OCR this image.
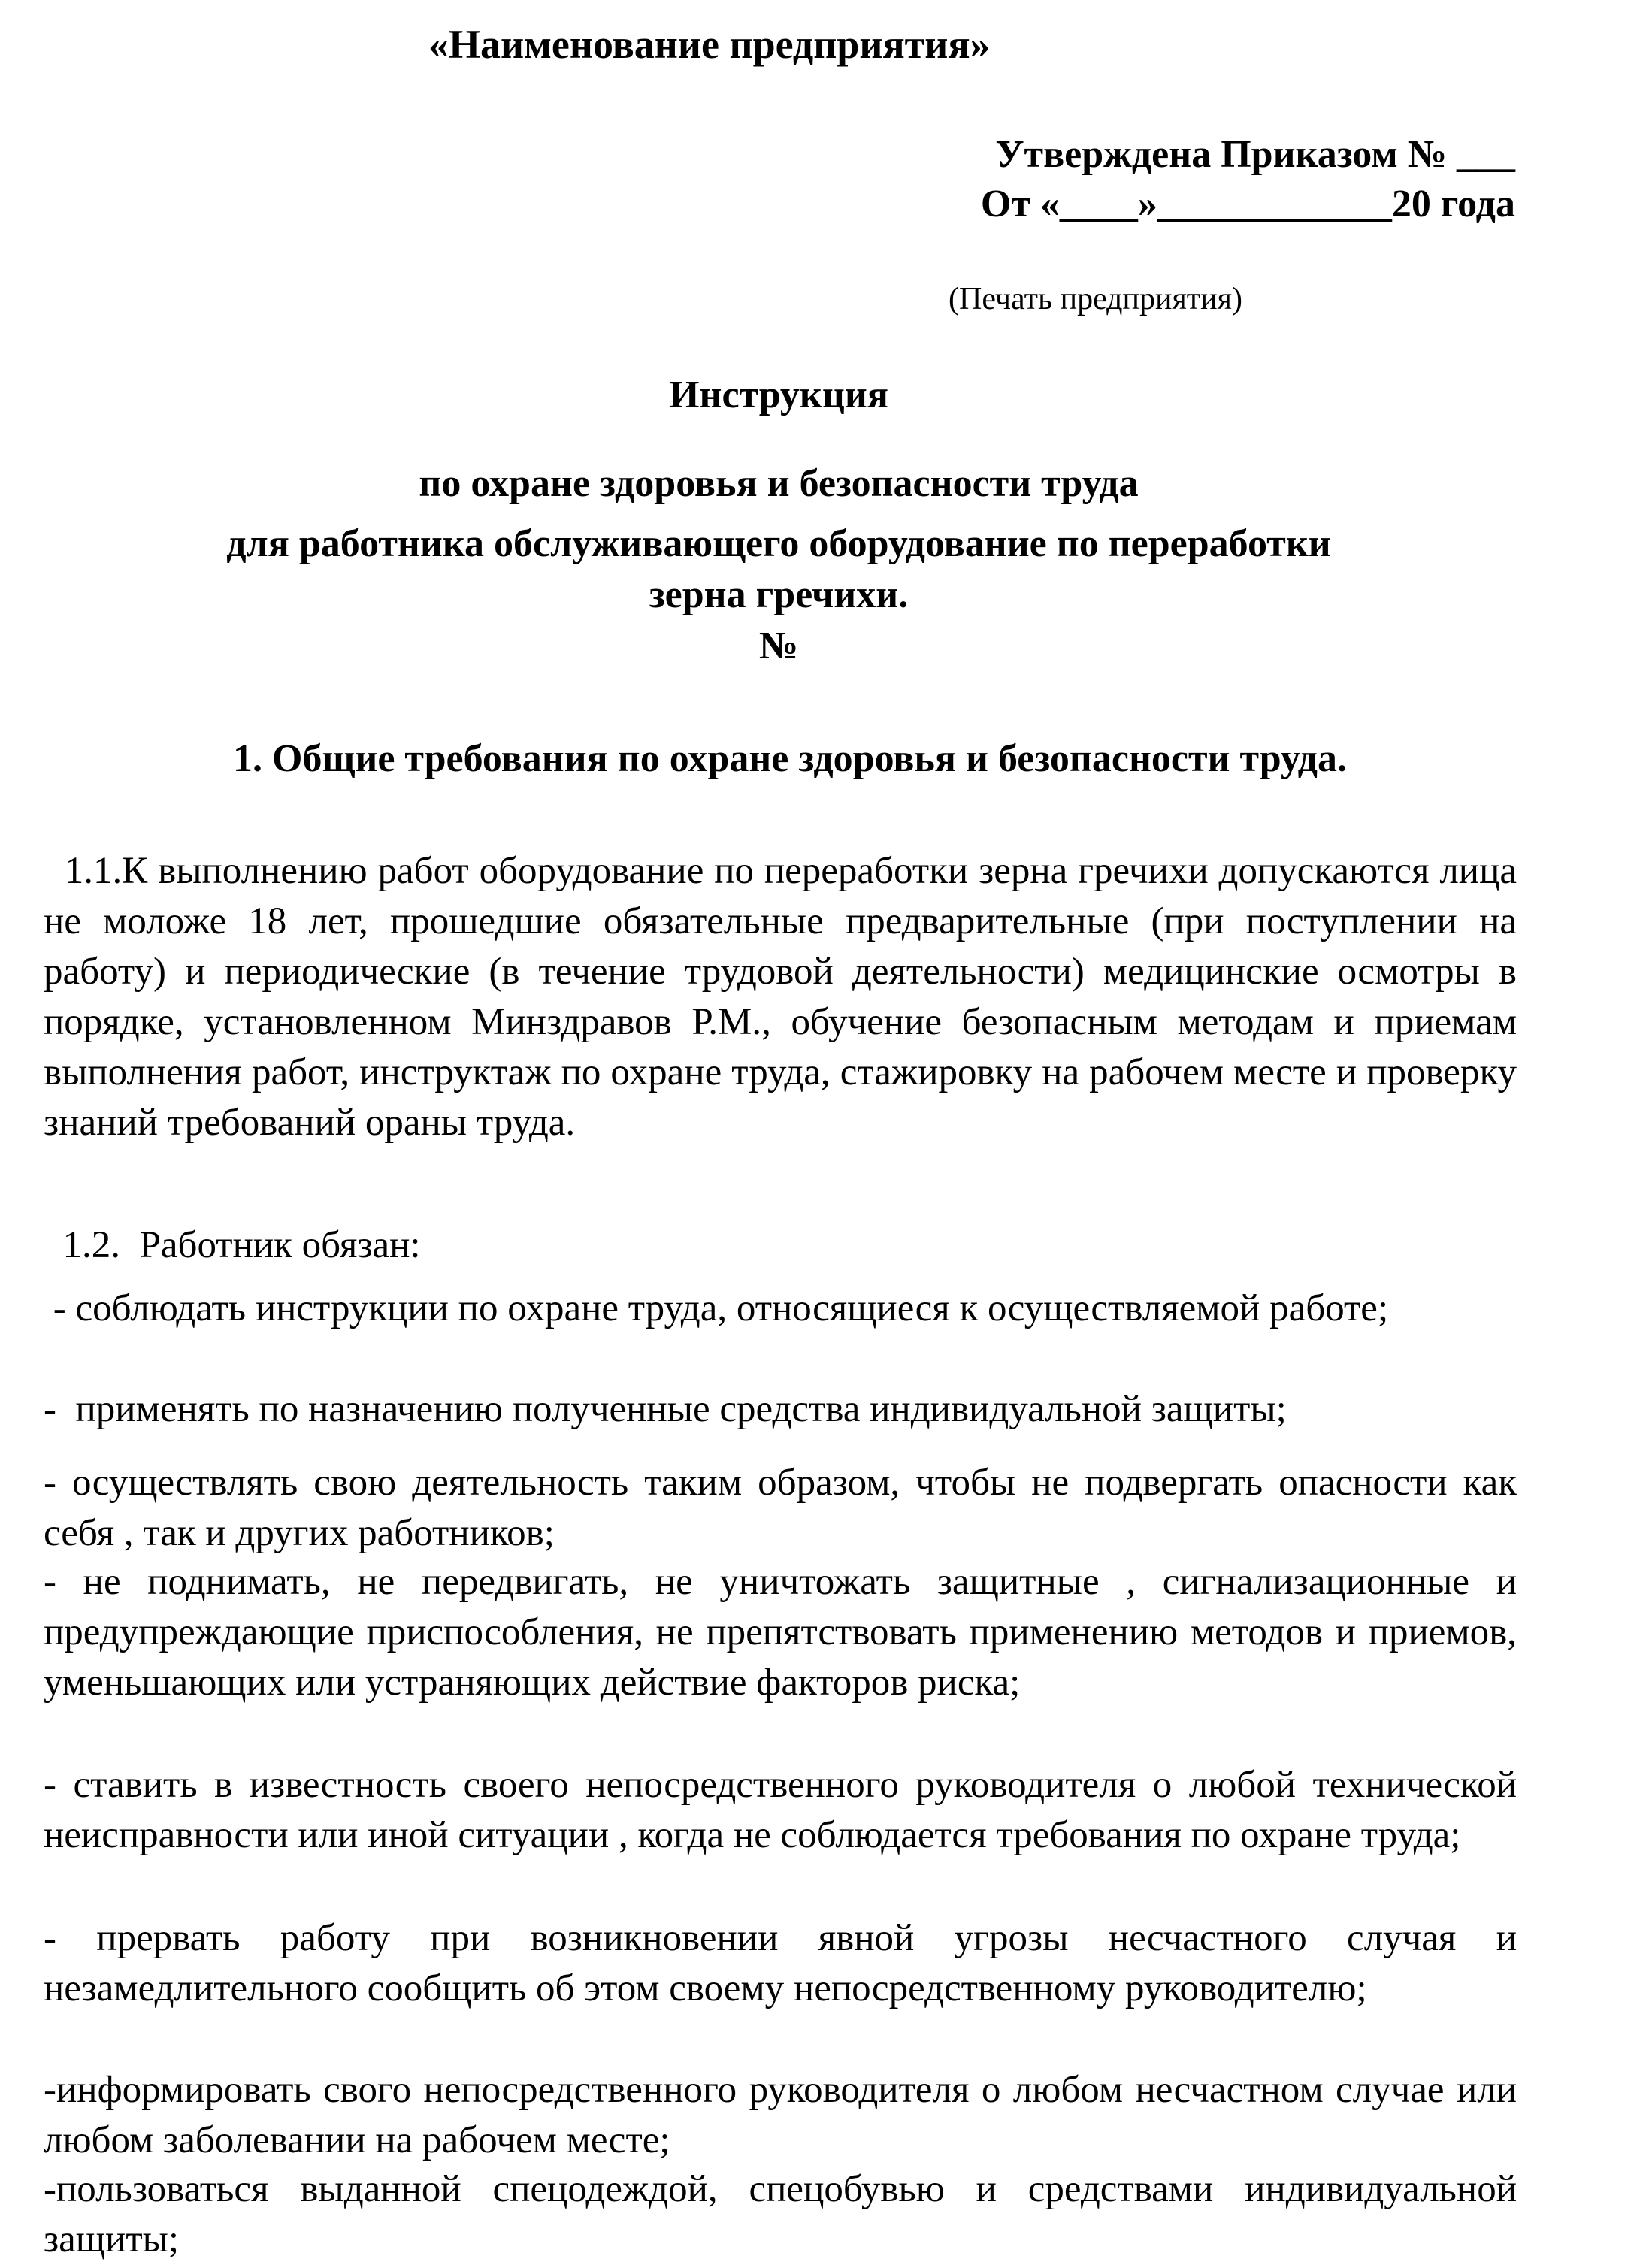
«Наименование предприятия»
Утверждена Приказом № ___
От «____»____________20 года
(Печать предприятия)
Инструкция
по охране здоровья и безопасности труда
для работника обслуживающего оборудование по переработки
зерна гречихи.
№
1. Общие требования по охране здоровья и безопасности труда.
1.1.К выполнению работ оборудование по переработки зерна гречихи допускаются лица не моложе 18 лет, прошедшие обязательные предварительные (при поступлении на работу) и периодические (в течение трудовой деятельности) медицинские осмотры в порядке, установленном Минздравов Р.М., обучение безопасным методам и приемам выполнения работ, инструктаж по охране труда, стажировку на рабочем месте и проверку знаний требований ораны труда.
1.2.  Работник обязан:
- соблюдать инструкции по охране труда, относящиеся к осуществляемой работе;
-  применять по назначению полученные средства индивидуальной защиты;
- осуществлять свою деятельность таким образом, чтобы не подвергать опасности как себя , так и других работников;
- не поднимать, не передвигать, не уничтожать защитные , сигнализационные и предупреждающие приспособления, не препятствовать применению методов и приемов, уменьшающих или устраняющих действие факторов риска;
- ставить в известность своего непосредственного руководителя о любой технической неисправности или иной ситуации , когда не соблюдается требования по охране труда;
- прервать работу при возникновении явной угрозы несчастного случая и незамедлительного сообщить об этом своему непосредственному руководителю;
-информировать свого непосредственного руководителя о любом несчастном случае или любом заболевании на рабочем месте;
-пользоваться выданной спецодеждой, спецобувью и средствами индивидуальной защиты;
